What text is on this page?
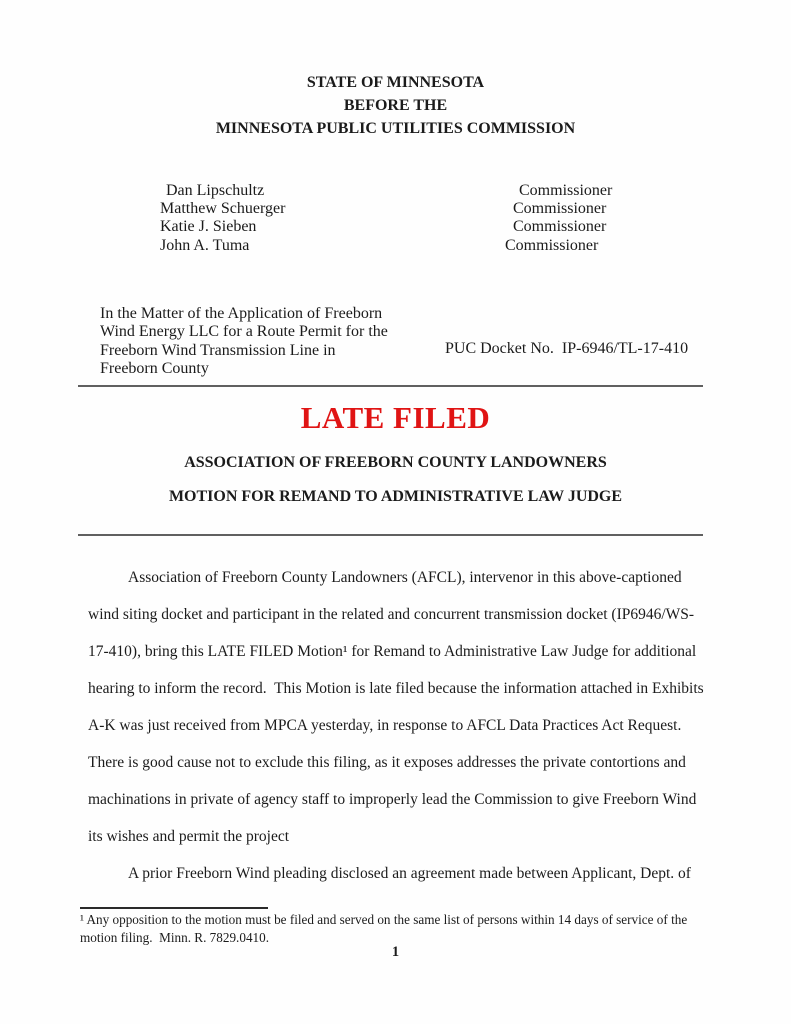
STATE OF MINNESOTA
BEFORE THE
MINNESOTA PUBLIC UTILITIES COMMISSION
Dan Lipschultz	Commissioner
Matthew Schuerger	Commissioner
Katie J. Sieben	Commissioner
John A. Tuma	Commissioner
In the Matter of the Application of Freeborn
Wind Energy LLC for a Route Permit for the
Freeborn Wind Transmission Line in
Freeborn County
PUC Docket No.  IP-6946/TL-17-410
LATE FILED
ASSOCIATION OF FREEBORN COUNTY LANDOWNERS
MOTION FOR REMAND TO ADMINISTRATIVE LAW JUDGE
Association of Freeborn County Landowners (AFCL), intervenor in this above-captioned
wind siting docket and participant in the related and concurrent transmission docket (IP6946/WS-
17-410), bring this LATE FILED Motion¹ for Remand to Administrative Law Judge for additional
hearing to inform the record.  This Motion is late filed because the information attached in Exhibits
A-K was just received from MPCA yesterday, in response to AFCL Data Practices Act Request.
There is good cause not to exclude this filing, as it exposes addresses the private contortions and
machinations in private of agency staff to improperly lead the Commission to give Freeborn Wind
its wishes and permit the project
A prior Freeborn Wind pleading disclosed an agreement made between Applicant, Dept. of
¹ Any opposition to the motion must be filed and served on the same list of persons within 14 days of service of the
motion filing.  Minn. R. 7829.0410.
1
